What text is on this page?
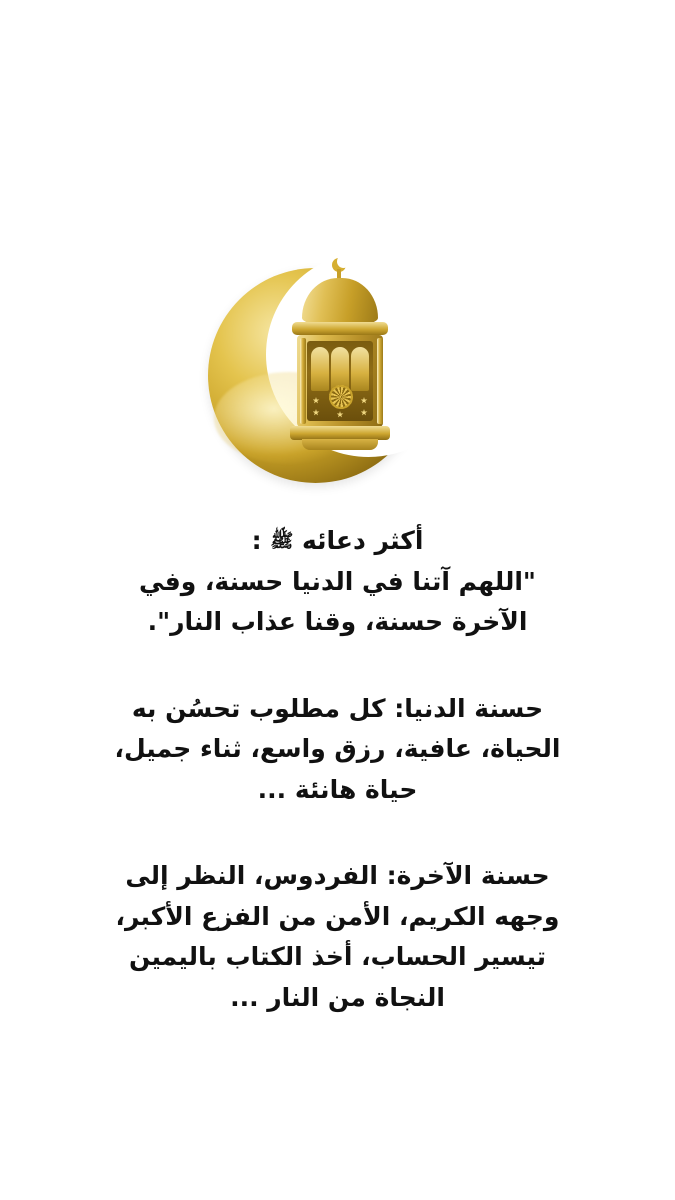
أكثر دعائه ﷺ :
"اللهم آتنا في الدنيا حسنة، وفي
الآخرة حسنة، وقنا عذاب النار".
حسنة الدنيا: كل مطلوب تحسُن به
الحياة، عافية، رزق واسع، ثناء جميل،
حياة هانئة ...
حسنة الآخرة: الفردوس، النظر إلى
وجهه الكريم، الأمن من الفزع الأكبر،
تيسير الحساب، أخذ الكتاب باليمين
النجاة من النار ...
